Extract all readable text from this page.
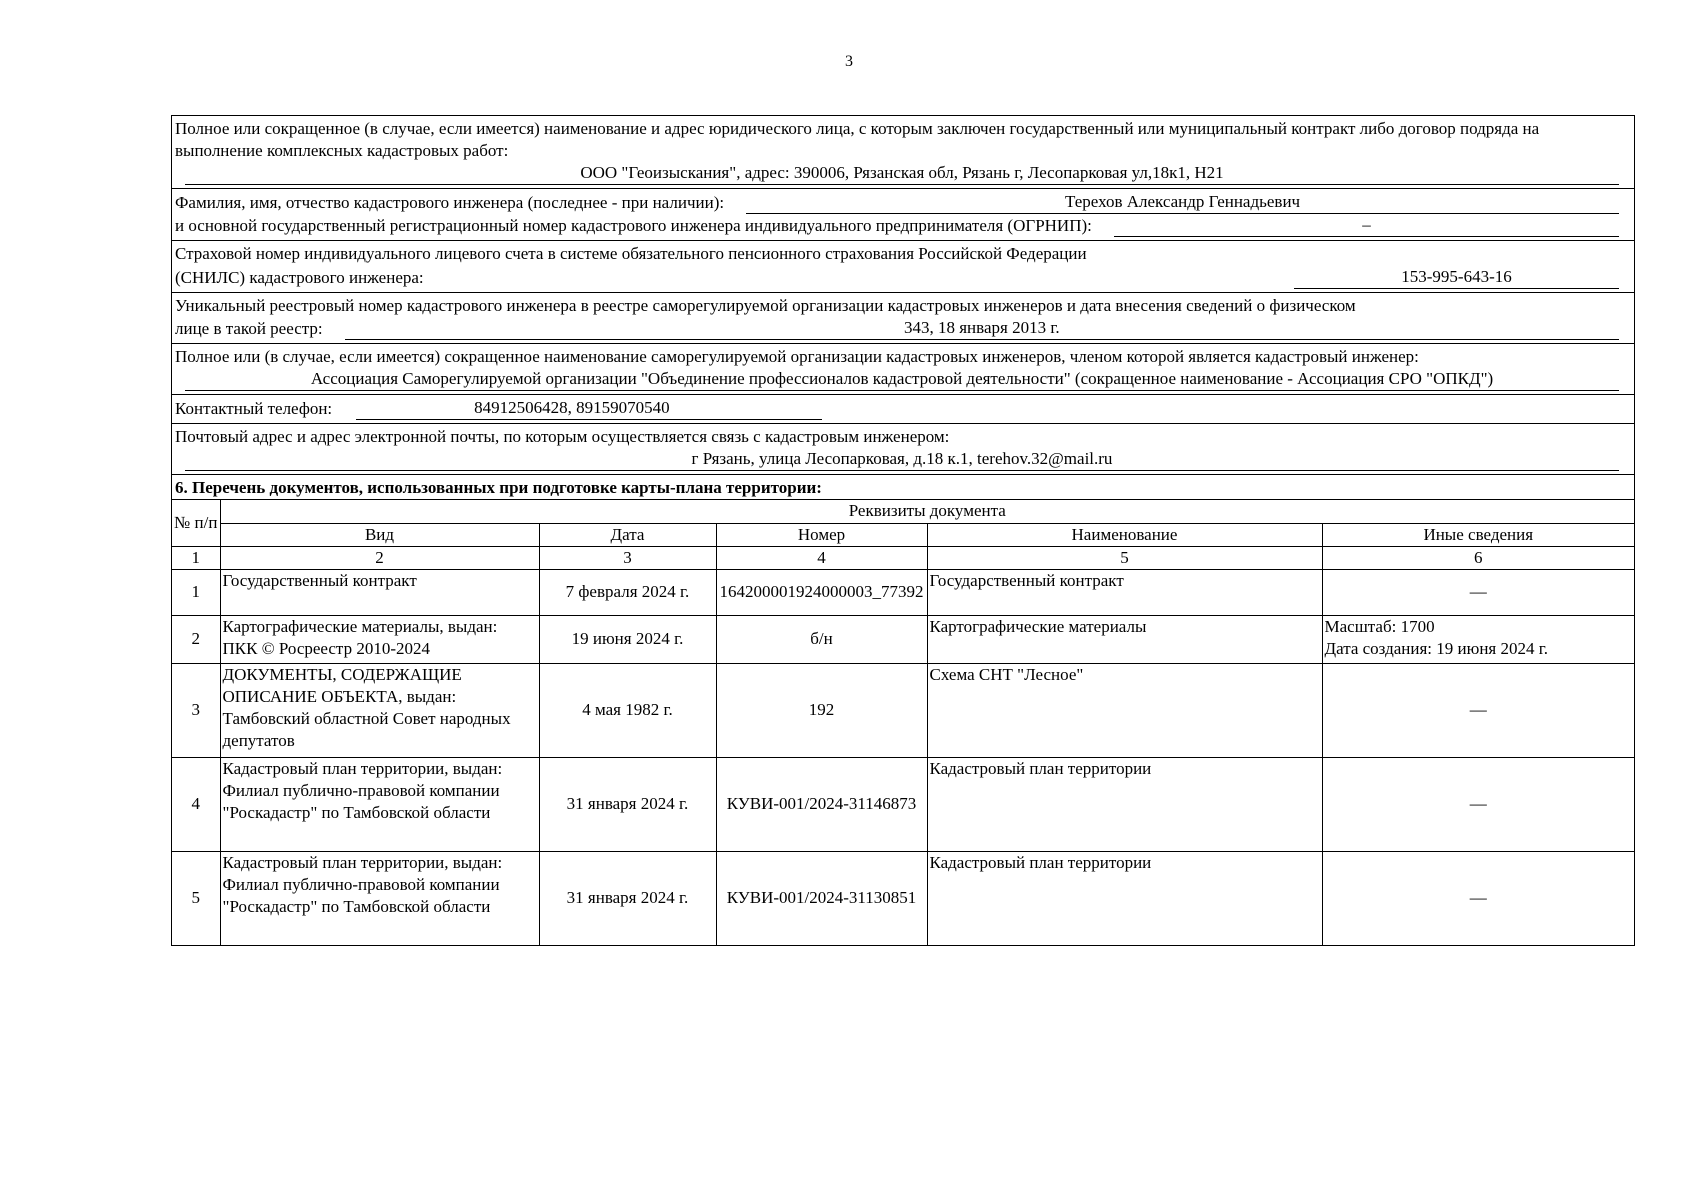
3
Полное или сокращенное (в случае, если имеется) наименование и адрес юридического лица, с которым заключен государственный или муниципальный контракт либо договор подряда на выполнение комплексных кадастровых работ:
ООО "Геоизыскания", адрес: 390006, Рязанская обл, Рязань г, Лесопарковая ул,18к1, Н21
Фамилия, имя, отчество кадастрового инженера (последнее - при наличии):	Терехов Александр Геннадьевич
и основной государственный регистрационный номер кадастрового инженера индивидуального предпринимателя (ОГРНИП):	–
Страховой номер индивидуального лицевого счета в системе обязательного пенсионного страхования Российской Федерации
(СНИЛС) кадастрового инженера:	153-995-643-16
Уникальный реестровый номер кадастрового инженера в реестре саморегулируемой организации кадастровых инженеров и дата внесения сведений о физическом
лице в такой реестр:	343, 18 января 2013 г.
Полное или (в случае, если имеется) сокращенное наименование саморегулируемой организации кадастровых инженеров, членом которой является кадастровый инженер:
Ассоциация Саморегулируемой организации "Объединение профессионалов кадастровой деятельности" (сокращенное наименование - Ассоциация СРО "ОПКД")
Контактный телефон:	84912506428, 89159070540
Почтовый адрес и адрес электронной почты, по которым осуществляется связь с кадастровым инженером:
г Рязань, улица Лесопарковая, д.18 к.1, terehov.32@mail.ru
6. Перечень документов, использованных при подготовке карты-плана территории:
№ п/п	Реквизиты документа				
	Вид	Дата	Номер	Наименование	Иные сведения
1	2	3	4	5	6
1	Государственный контракт	7 февраля 2024 г.	164200001924000003_77392	Государственный контракт	—
2	Картографические материалы, выдан: ПКК © Росреестр 2010-2024	19 июня 2024 г.	б/н	Картографические материалы	Масштаб: 1700
Дата создания: 19 июня 2024 г.
3	ДОКУМЕНТЫ, СОДЕРЖАЩИЕ ОПИСАНИЕ ОБЪЕКТА, выдан: Тамбовский областной Совет народных депутатов	4 мая 1982 г.	192	Схема СНТ "Лесное"	—
4	Кадастровый план территории, выдан: Филиал публично-правовой компании "Роскадастр" по Тамбовской области	31 января 2024 г.	КУВИ-001/2024-31146873	Кадастровый план территории	—
5	Кадастровый план территории, выдан: Филиал публично-правовой компании "Роскадастр" по Тамбовской области	31 января 2024 г.	КУВИ-001/2024-31130851	Кадастровый план территории	—
